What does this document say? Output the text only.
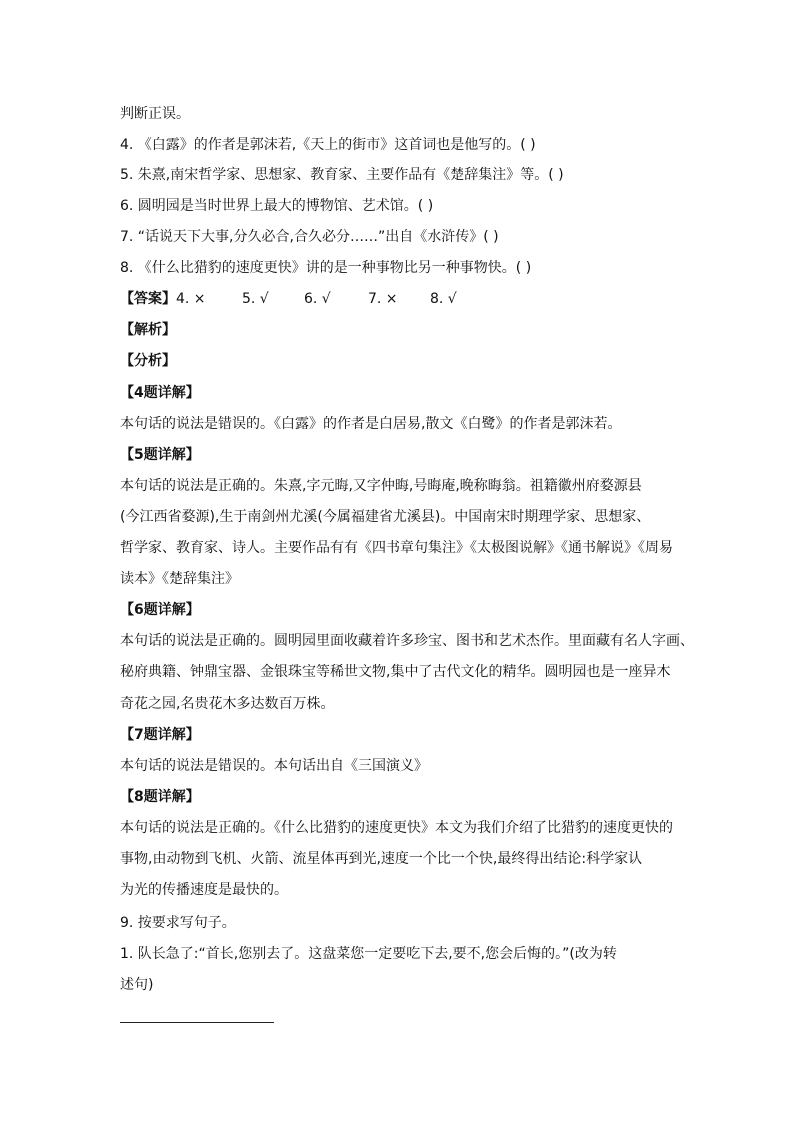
判断正误。
4. 《白露》的作者是郭沫若,《天上的街市》这首词也是他写的。( )
5. 朱熹,南宋哲学家、思想家、教育家、主要作品有《楚辞集注》等。( )
6. 圆明园是当时世界上最大的博物馆、艺术馆。( )
7. “话说天下大事,分久必合,合久必分……”出自《水浒传》( )
8. 《什么比猎豹的速度更快》讲的是一种事物比另一种事物快。( )
【答案】4. ×	5. √	6. √	7. × 8. √
【解析】
【分析】
【4题详解】
本句话的说法是错误的。《白露》的作者是白居易,散文《白鹭》的作者是郭沫若。
【5题详解】
本句话的说法是正确的。朱熹,字元晦,又字仲晦,号晦庵,晚称晦翁。祖籍徽州府婺源县
(今江西省婺源),生于南剑州尤溪(今属福建省尤溪县)。中国南宋时期理学家、思想家、
哲学家、教育家、诗人。主要作品有有《四书章句集注》《太极图说解》《通书解说》《周易
读本》《楚辞集注》
【6题详解】
本句话的说法是正确的。圆明园里面收藏着许多珍宝、图书和艺术杰作。里面藏有名人字画、
秘府典籍、钟鼎宝器、金银珠宝等稀世文物,集中了古代文化的精华。圆明园也是一座异木
奇花之园,名贵花木多达数百万株。
【7题详解】
本句话的说法是错误的。本句话出自《三国演义》
【8题详解】
本句话的说法是正确的。《什么比猎豹的速度更快》本文为我们介绍了比猎豹的速度更快的
事物,由动物到飞机、火箭、流星体再到光,速度一个比一个快,最终得出结论:科学家认
为光的传播速度是最快的。
9. 按要求写句子。
1. 队长急了:“首长,您别去了。这盘菜您一定要吃下去,要不,您会后悔的。”(改为转
述句)
